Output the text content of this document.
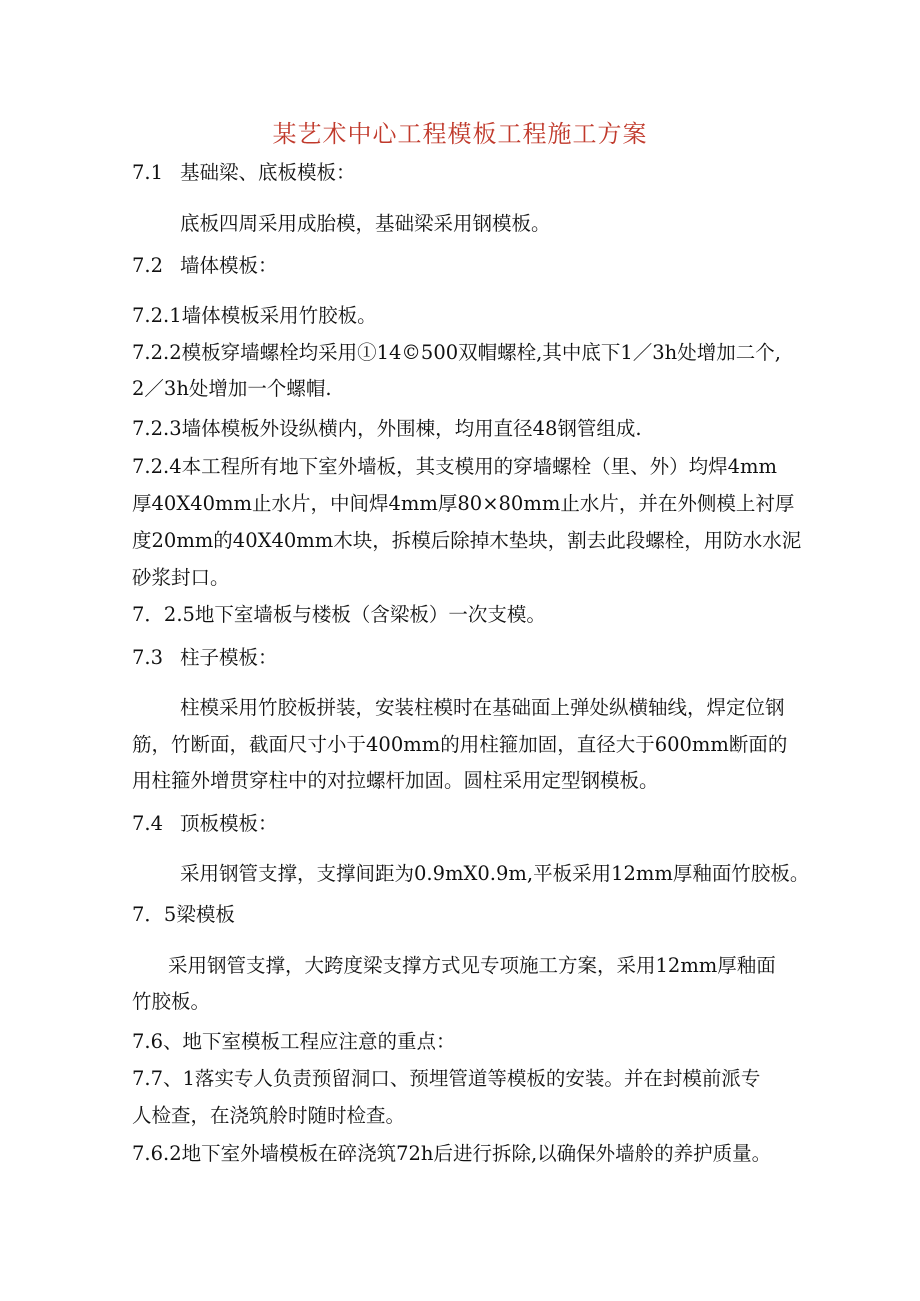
某艺术中心工程模板工程施工方案

7.1 基础梁、底板模板：

底板四周采用成胎模，基础梁采用钢模板。

7.2 墙体模板：

7.2.1墙体模板采用竹胶板。

7.2.2模板穿墙螺栓均采用①14©500双帽螺栓,其中底下1／3h处增加二个,

2／3h处增加一个螺帽.

7.2.3墙体模板外设纵横内，外围棟，均用直径48钢管组成.

7.2.4本工程所有地下室外墙板，其支模用的穿墙螺栓（里、外）均焊4mm

厚40X40mm止水片，中间焊4mm厚80×80mm止水片，并在外侧模上衬厚

度20mm的40X40mm木块，拆模后除掉木垫块，割去此段螺栓，用防水水泥

砂浆封口。

7．2.5地下室墙板与楼板（含梁板）一次支模。

7.3 柱子模板：

柱模采用竹胶板拼装，安装柱模时在基础面上弹处纵横轴线，焊定位钢

筋，竹断面，截面尺寸小于400mm的用柱箍加固，直径大于600mm断面的

用柱箍外增贯穿柱中的对拉螺杆加固。圆柱采用定型钢模板。

7.4 顶板模板：

采用钢管支撑，支撑间距为0.9mX0.9m,平板采用12mm厚釉面竹胶板。

7．5梁模板

采用钢管支撑，大跨度梁支撑方式见专项施工方案，采用12mm厚釉面

竹胶板。

7.6、地下室模板工程应注意的重点：

7.7、1落实专人负责预留洞口、预埋管道等模板的安装。并在封模前派专

人检查，在浇筑舲时随时检查。

7.6.2地下室外墙模板在碎浇筑72h后进行拆除,以确保外墙舲的养护质量。
